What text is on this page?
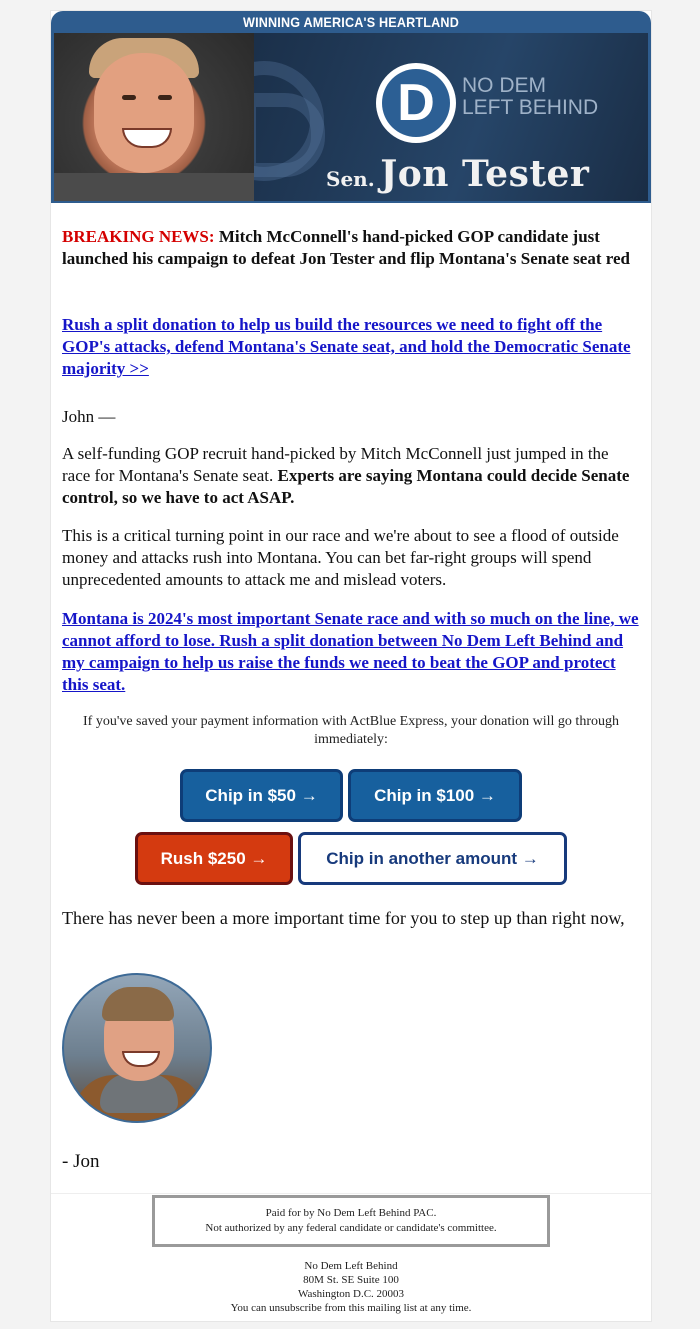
WINNING AMERICA'S HEARTLAND
D	NO DEM
LEFT BEHIND
Sen. Jon Tester

BREAKING NEWS: Mitch McConnell's hand-picked GOP candidate just launched his campaign to defeat Jon Tester and flip Montana's Senate seat red

Rush a split donation to help us build the resources we need to fight off the GOP's attacks, defend Montana's Senate seat, and hold the Democratic Senate majority >>

John —

A self-funding GOP recruit hand-picked by Mitch McConnell just jumped in the race for Montana's Senate seat. Experts are saying Montana could decide Senate control, so we have to act ASAP.

This is a critical turning point in our race and we're about to see a flood of outside money and attacks rush into Montana. You can bet far-right groups will spend unprecedented amounts to attack me and mislead voters.

Montana is 2024's most important Senate race and with so much on the line, we cannot afford to lose. Rush a split donation between No Dem Left Behind and my campaign to help us raise the funds we need to beat the GOP and protect this seat.

If you've saved your payment information with ActBlue Express, your donation will go through immediately:
Chip in $50 →	Chip in $100 →
Rush $250 →	Chip in another amount →

There has never been a more important time for you to step up than right now,

- Jon

Paid for by No Dem Left Behind PAC.
Not authorized by any federal candidate or candidate's committee.
No Dem Left Behind
80M St. SE Suite 100
Washington D.C. 20003
You can unsubscribe from this mailing list at any time.
